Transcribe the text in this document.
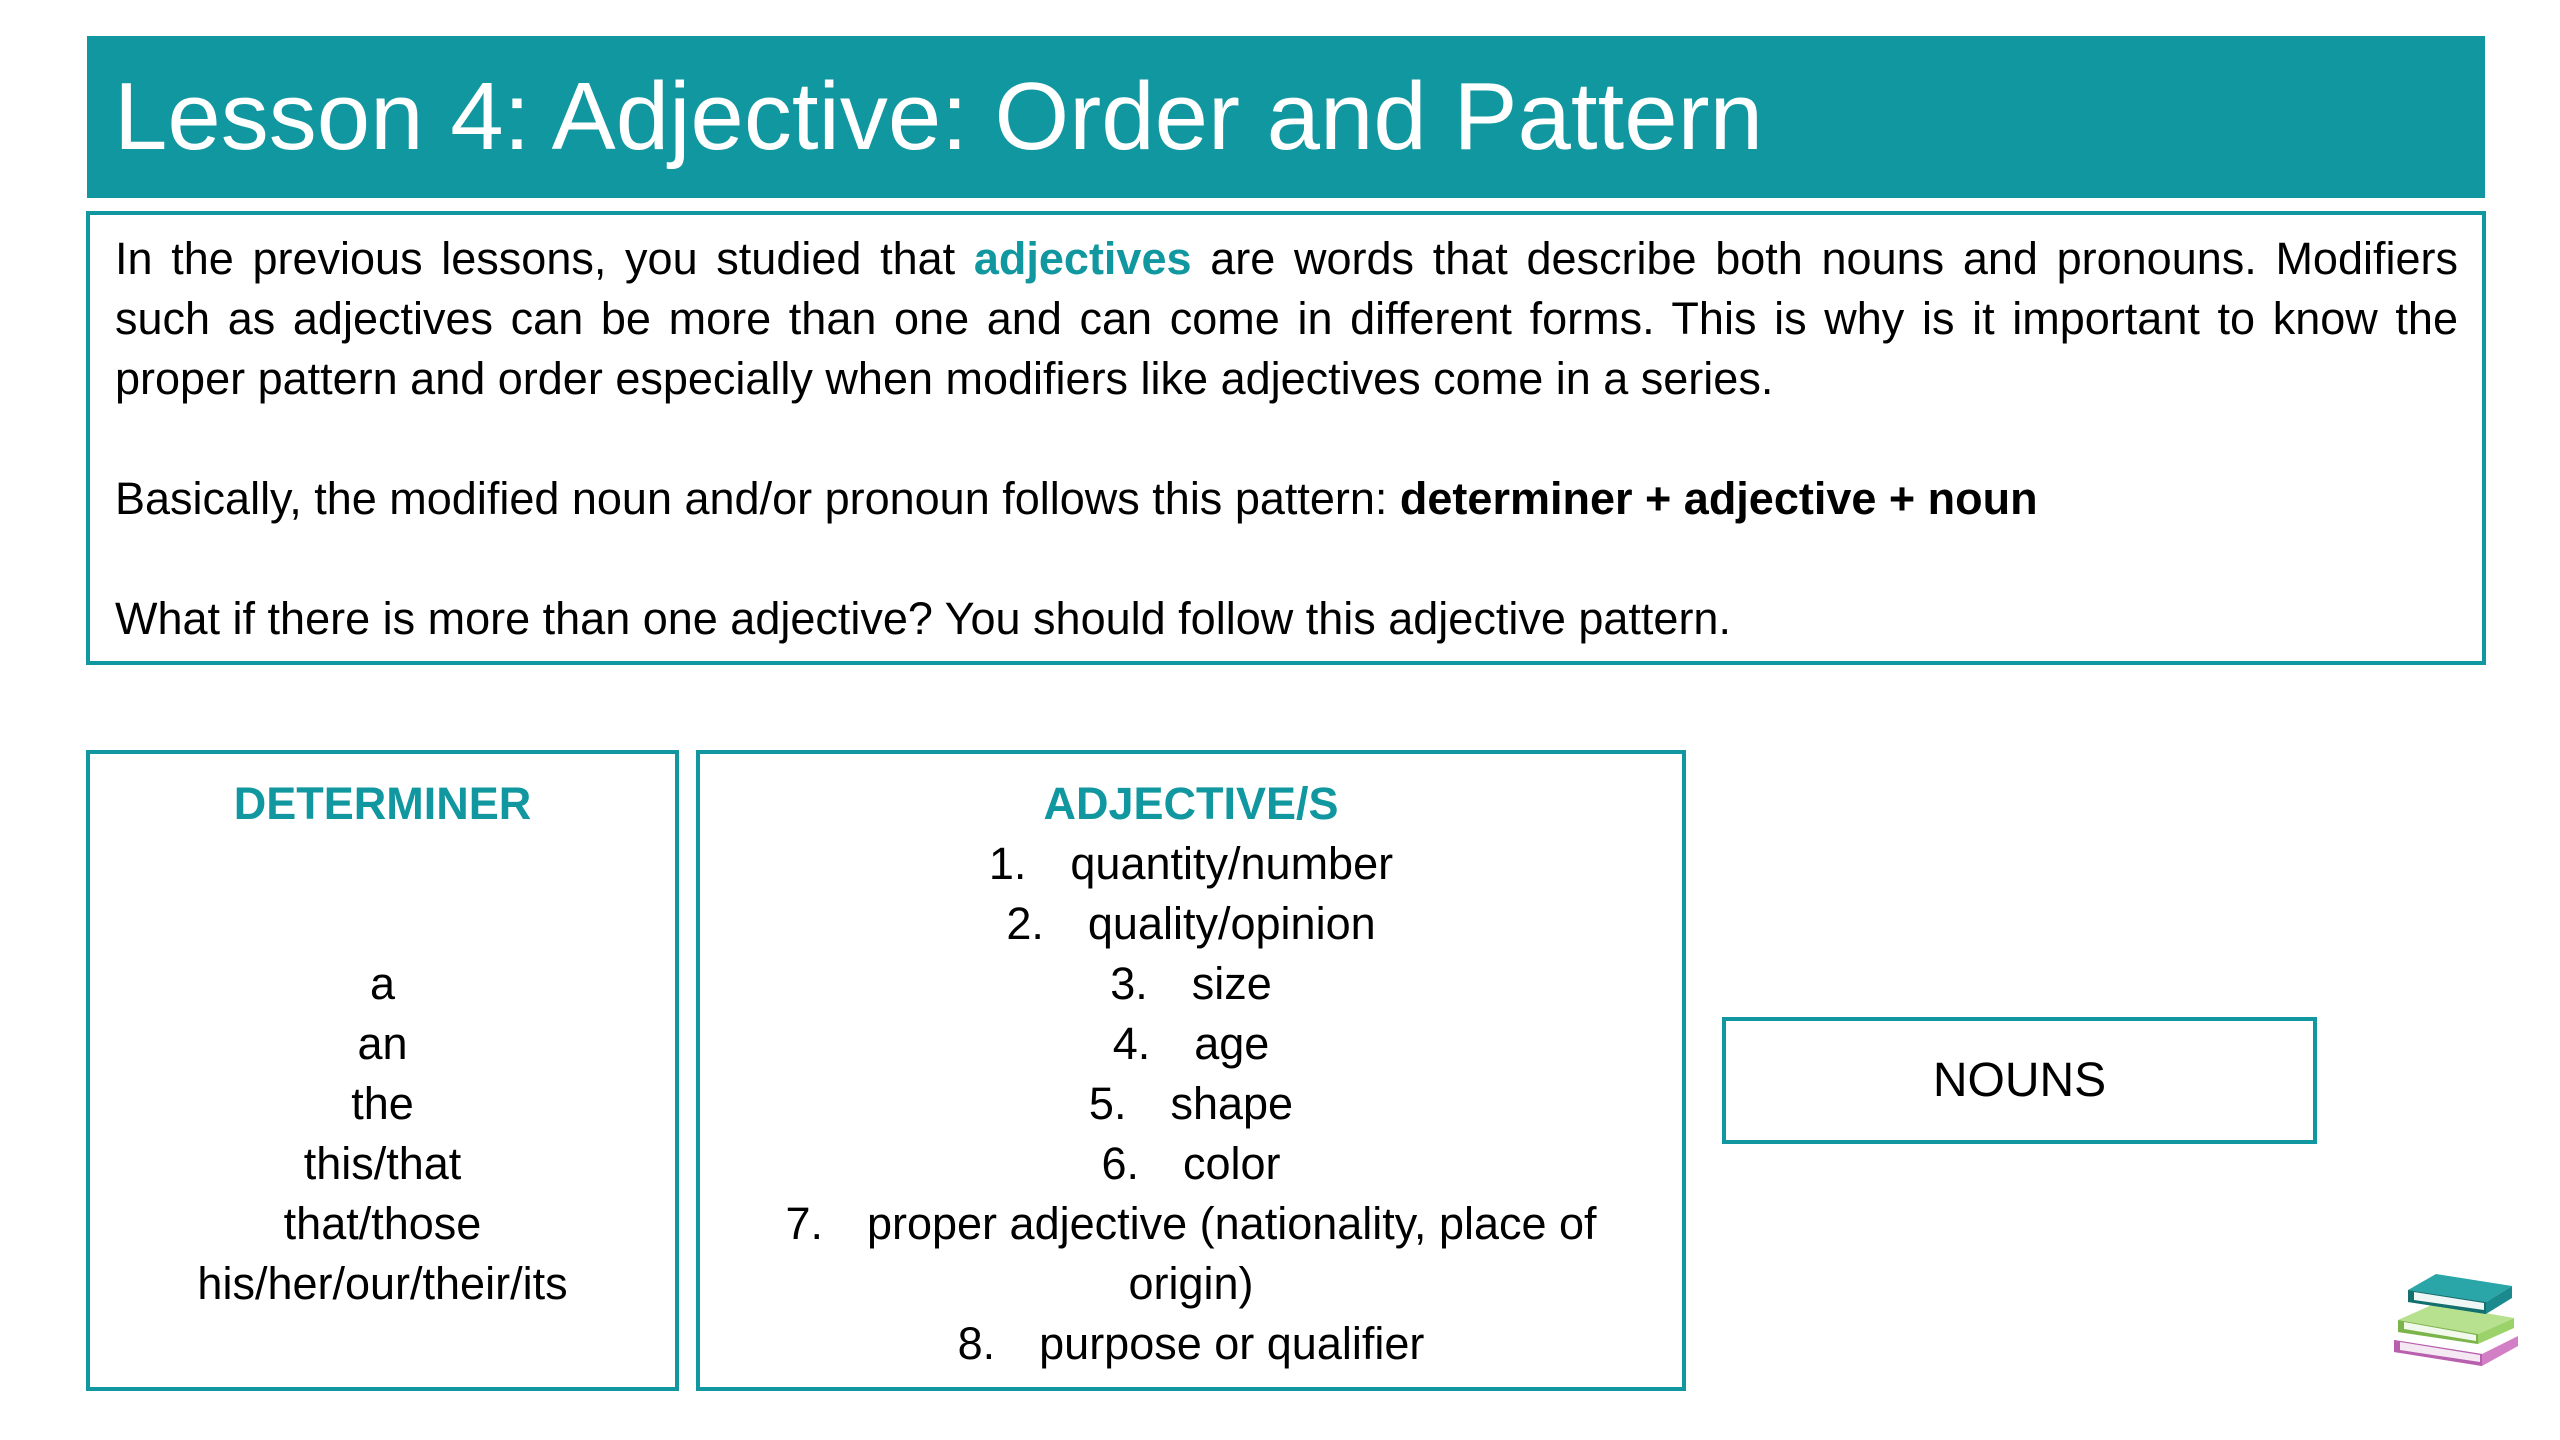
Lesson 4: Adjective: Order and Pattern

In the previous lessons, you studied that adjectives are words that describe both nouns and pronouns. Modifiers such as adjectives can be more than one and can come in different forms. This is why is it important to know the proper pattern and order especially when modifiers like adjectives come in a series.

Basically, the modified noun and/or pronoun follows this pattern: determiner + adjective + noun

What if there is more than one adjective? You should follow this adjective pattern.

DETERMINER
a
an
the
this/that
that/those
his/her/our/their/its
ADJECTIVE/S
1. quantity/number
2. quality/opinion
3. size
4. age
5. shape
6. color
7. proper adjective (nationality, place of origin)
8. purpose or qualifier
NOUNS
